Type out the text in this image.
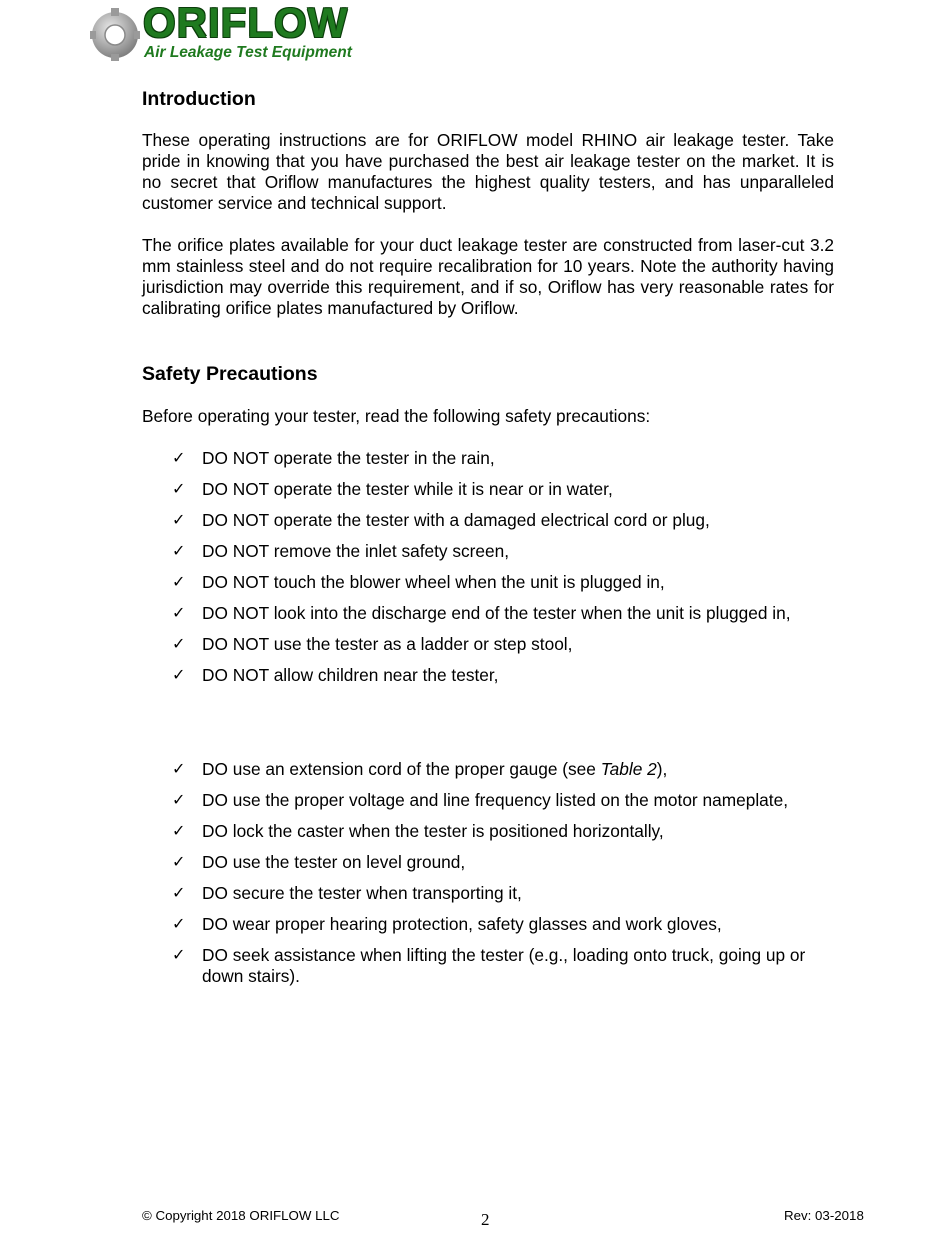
ORIFLOW
Air Leakage Test Equipment
Introduction

These operating instructions are for ORIFLOW model RHINO air leakage tester. Take pride in knowing that you have purchased the best air leakage tester on the market. It is no secret that Oriflow manufactures the highest quality testers, and has unparalleled customer service and technical support.

The orifice plates available for your duct leakage tester are constructed from laser-cut 3.2 mm stainless steel and do not require recalibration for 10 years. Note the authority having jurisdiction may override this requirement, and if so, Oriflow has very reasonable rates for calibrating orifice plates manufactured by Oriflow.

Safety Precautions

Before operating your tester, read the following safety precautions:

✓ DO NOT operate the tester in the rain,
✓ DO NOT operate the tester while it is near or in water,
✓ DO NOT operate the tester with a damaged electrical cord or plug,
✓ DO NOT remove the inlet safety screen,
✓ DO NOT touch the blower wheel when the unit is plugged in,
✓ DO NOT look into the discharge end of the tester when the unit is plugged in,
✓ DO NOT use the tester as a ladder or step stool,
✓ DO NOT allow children near the tester,
✓ DO use an extension cord of the proper gauge (see Table 2),
✓ DO use the proper voltage and line frequency listed on the motor nameplate,
✓ DO lock the caster when the tester is positioned horizontally,
✓ DO use the tester on level ground,
✓ DO secure the tester when transporting it,
✓ DO wear proper hearing protection, safety glasses and work gloves,
✓ DO seek assistance when lifting the tester (e.g., loading onto truck, going up or down stairs).
© Copyright 2018 ORIFLOW LLC	2	Rev: 03-2018
